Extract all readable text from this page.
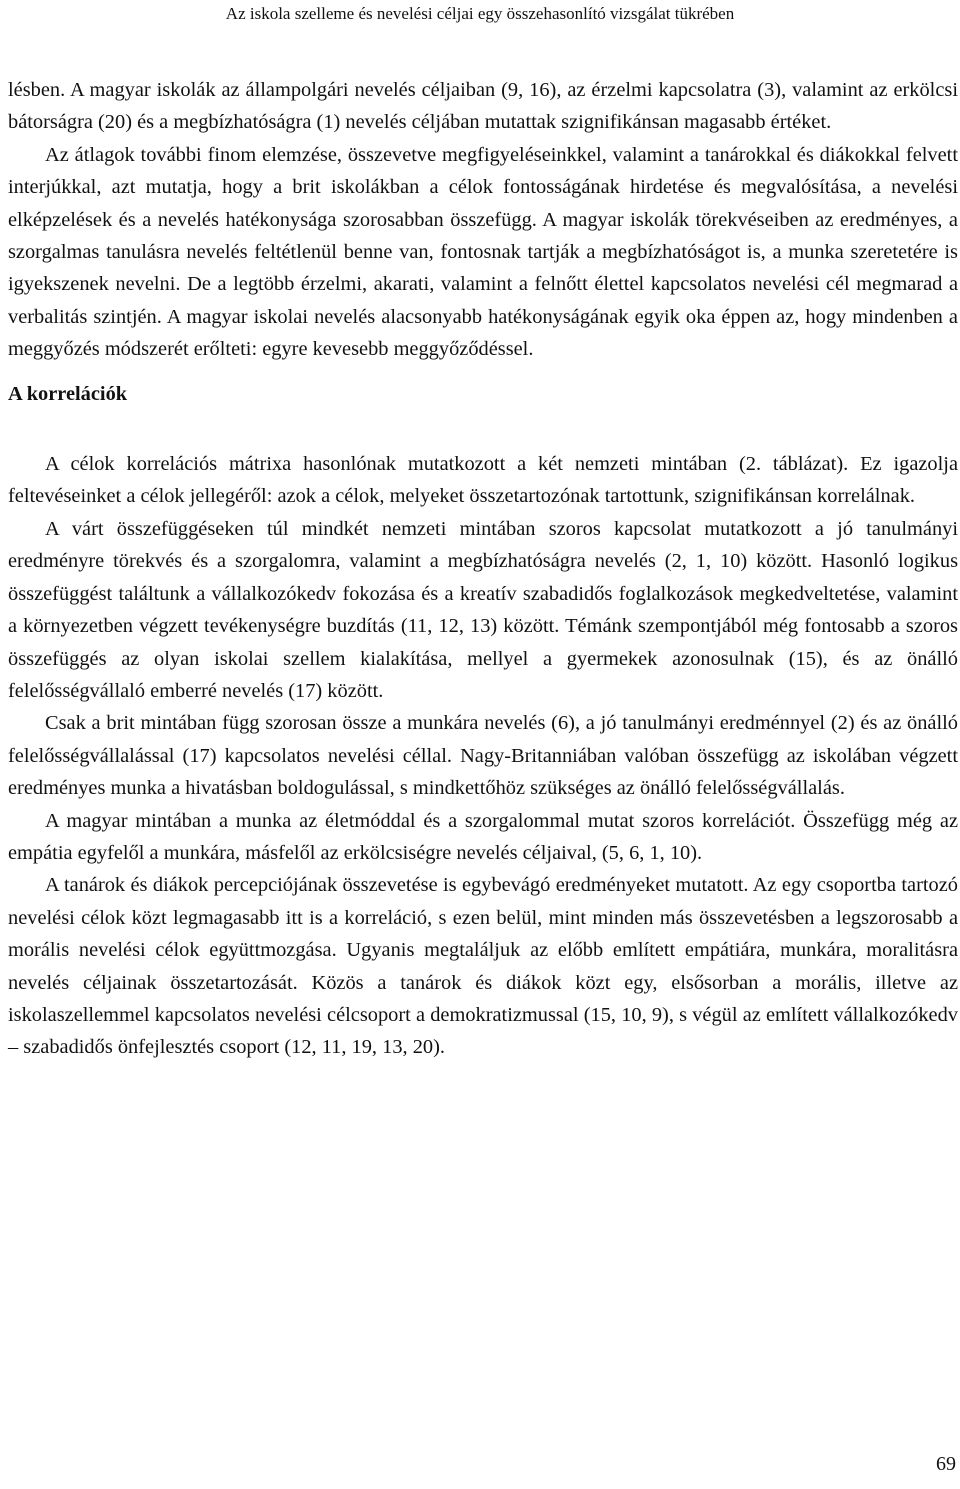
Az iskola szelleme és nevelési céljai egy összehasonlító vizsgálat tükrében

lésben. A magyar iskolák az állampolgári nevelés céljaiban (9, 16), az érzelmi kapcsolatra (3), valamint az erkölcsi bátorságra (20) és a megbízhatóságra (1) nevelés céljában mutattak szignifikánsan magasabb értéket.

Az átlagok további finom elemzése, összevetve megfigyeléseinkkel, valamint a tanárokkal és diákokkal felvett interjúkkal, azt mutatja, hogy a brit iskolákban a célok fontosságának hirdetése és megvalósítása, a nevelési elképzelések és a nevelés hatékonysága szorosabban összefügg. A magyar iskolák törekvéseiben az eredményes, a szorgalmas tanulásra nevelés feltétlenül benne van, fontosnak tartják a megbízhatóságot is, a munka szeretetére is igyekszenek nevelni. De a legtöbb érzelmi, akarati, valamint a felnőtt élettel kapcsolatos nevelési cél megmarad a verbalitás szintjén. A magyar iskolai nevelés alacsonyabb hatékonyságának egyik oka éppen az, hogy mindenben a meggyőzés módszerét erőlteti: egyre kevesebb meggyőződéssel.

A korrelációk

A célok korrelációs mátrixa hasonlónak mutatkozott a két nemzeti mintában (2. táblázat). Ez igazolja feltevéseinket a célok jellegéről: azok a célok, melyeket összetartozónak tartottunk, szignifikánsan korrelálnak.

A várt összefüggéseken túl mindkét nemzeti mintában szoros kapcsolat mutatkozott a jó tanulmányi eredményre törekvés és a szorgalomra, valamint a megbízhatóságra nevelés (2, 1, 10) között. Hasonló logikus összefüggést találtunk a vállalkozókedv fokozása és a kreatív szabadidős foglalkozások megkedveltetése, valamint a környezetben végzett tevékenységre buzdítás (11, 12, 13) között. Témánk szempontjából még fontosabb a szoros összefüggés az olyan iskolai szellem kialakítása, mellyel a gyermekek azonosulnak (15), és az önálló felelősségvállaló emberré nevelés (17) között.

Csak a brit mintában függ szorosan össze a munkára nevelés (6), a jó tanulmányi eredménnyel (2) és az önálló felelősségvállalással (17) kapcsolatos nevelési céllal. Nagy-Britanniában valóban összefügg az iskolában végzett eredményes munka a hivatásban boldogulással, s mindkettőhöz szükséges az önálló felelősségvállalás.

A magyar mintában a munka az életmóddal és a szorgalommal mutat szoros korrelációt. Összefügg még az empátia egyfelől a munkára, másfelől az erkölcsiségre nevelés céljaival, (5, 6, 1, 10).

A tanárok és diákok percepciójának összevetése is egybevágó eredményeket mutatott. Az egy csoportba tartozó nevelési célok közt legmagasabb itt is a korreláció, s ezen belül, mint minden más összevetésben a legszorosabb a morális nevelési célok együttmozgása. Ugyanis megtaláljuk az előbb említett empátiára, munkára, moralitásra nevelés céljainak összetartozását. Közös a tanárok és diákok közt egy, elsősorban a morális, illetve az iskolaszellemmel kapcsolatos nevelési célcsoport a demokratizmussal (15, 10, 9), s végül az említett vállalkozókedv – szabadidős önfejlesztés csoport (12, 11, 19, 13, 20).

69
